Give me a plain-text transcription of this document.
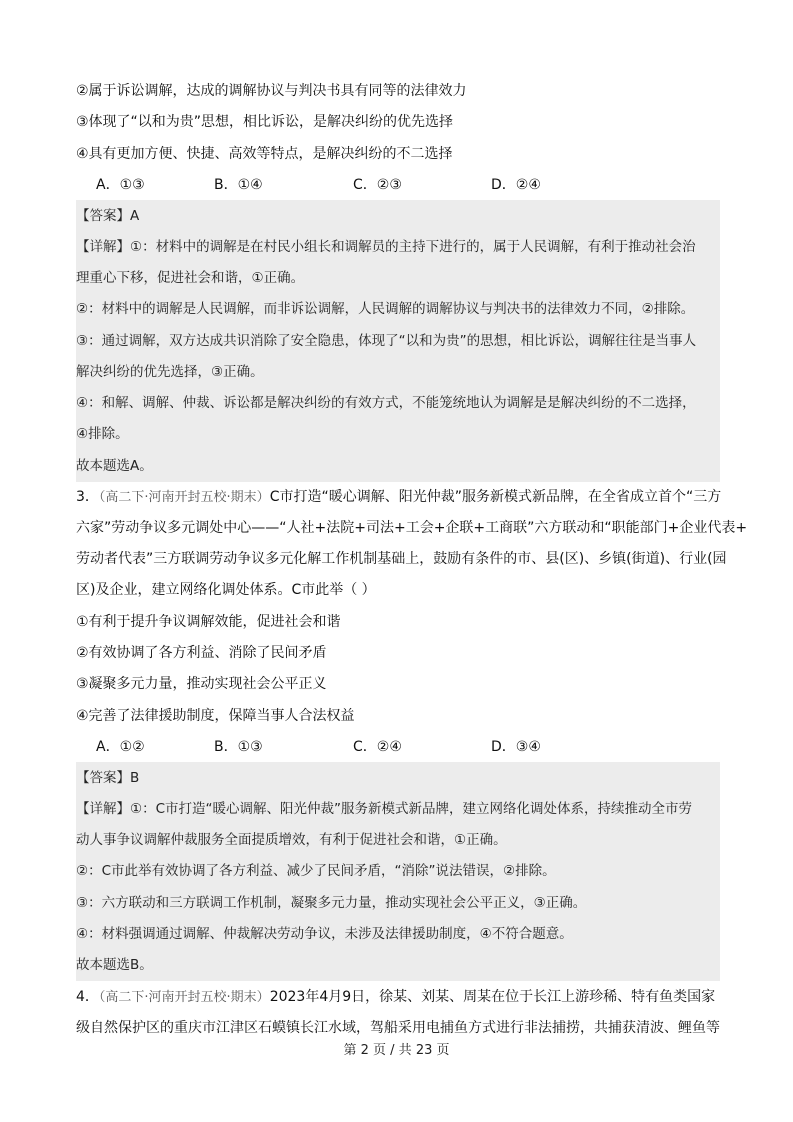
②属于诉讼调解，达成的调解协议与判决书具有同等的法律效力
③体现了“以和为贵”思想，相比诉讼，是解决纠纷的优先选择
④具有更加方便、快捷、高效等特点，是解决纠纷的不二选择
A．①③	B．①④	C．②③	D．②④
【答案】A
【详解】①：材料中的调解是在村民小组长和调解员的主持下进行的，属于人民调解，有利于推动社会治
理重心下移，促进社会和谐，①正确。
②：材料中的调解是人民调解，而非诉讼调解，人民调解的调解协议与判决书的法律效力不同，②排除。
③：通过调解，双方达成共识消除了安全隐患，体现了“以和为贵”的思想，相比诉讼，调解往往是当事人
解决纠纷的优先选择，③正确。
④：和解、调解、仲裁、诉讼都是解决纠纷的有效方式，不能笼统地认为调解是是解决纠纷的不二选择，
④排除。
故本题选A。
3．（高二下·河南开封五校·期末）C市打造“暖心调解、阳光仲裁”服务新模式新品牌，在全省成立首个“三方
六家”劳动争议多元调处中心——“人社+法院+司法+工会+企联+工商联”六方联动和“职能部门+企业代表+
劳动者代表”三方联调劳动争议多元化解工作机制基础上，鼓励有条件的市、县(区)、乡镇(街道)、行业(园
区)及企业，建立网络化调处体系。C市此举（ ）
①有利于提升争议调解效能，促进社会和谐
②有效协调了各方利益、消除了民间矛盾
③凝聚多元力量，推动实现社会公平正义
④完善了法律援助制度，保障当事人合法权益
A．①②	B．①③	C．②④	D．③④
【答案】B
【详解】①：C市打造“暖心调解、阳光仲裁”服务新模式新品牌，建立网络化调处体系，持续推动全市劳
动人事争议调解仲裁服务全面提质增效，有利于促进社会和谐，①正确。
②：C市此举有效协调了各方利益、减少了民间矛盾，“消除”说法错误，②排除。
③：六方联动和三方联调工作机制，凝聚多元力量，推动实现社会公平正义，③正确。
④：材料强调通过调解、仲裁解决劳动争议，未涉及法律援助制度，④不符合题意。
故本题选B。
4．（高二下·河南开封五校·期末）2023年4月9日，徐某、刘某、周某在位于长江上游珍稀、特有鱼类国家
级自然保护区的重庆市江津区石蟆镇长江水域，驾船采用电捕鱼方式进行非法捕捞，共捕获清波、鲤鱼等
第 2 页 / 共 23 页
